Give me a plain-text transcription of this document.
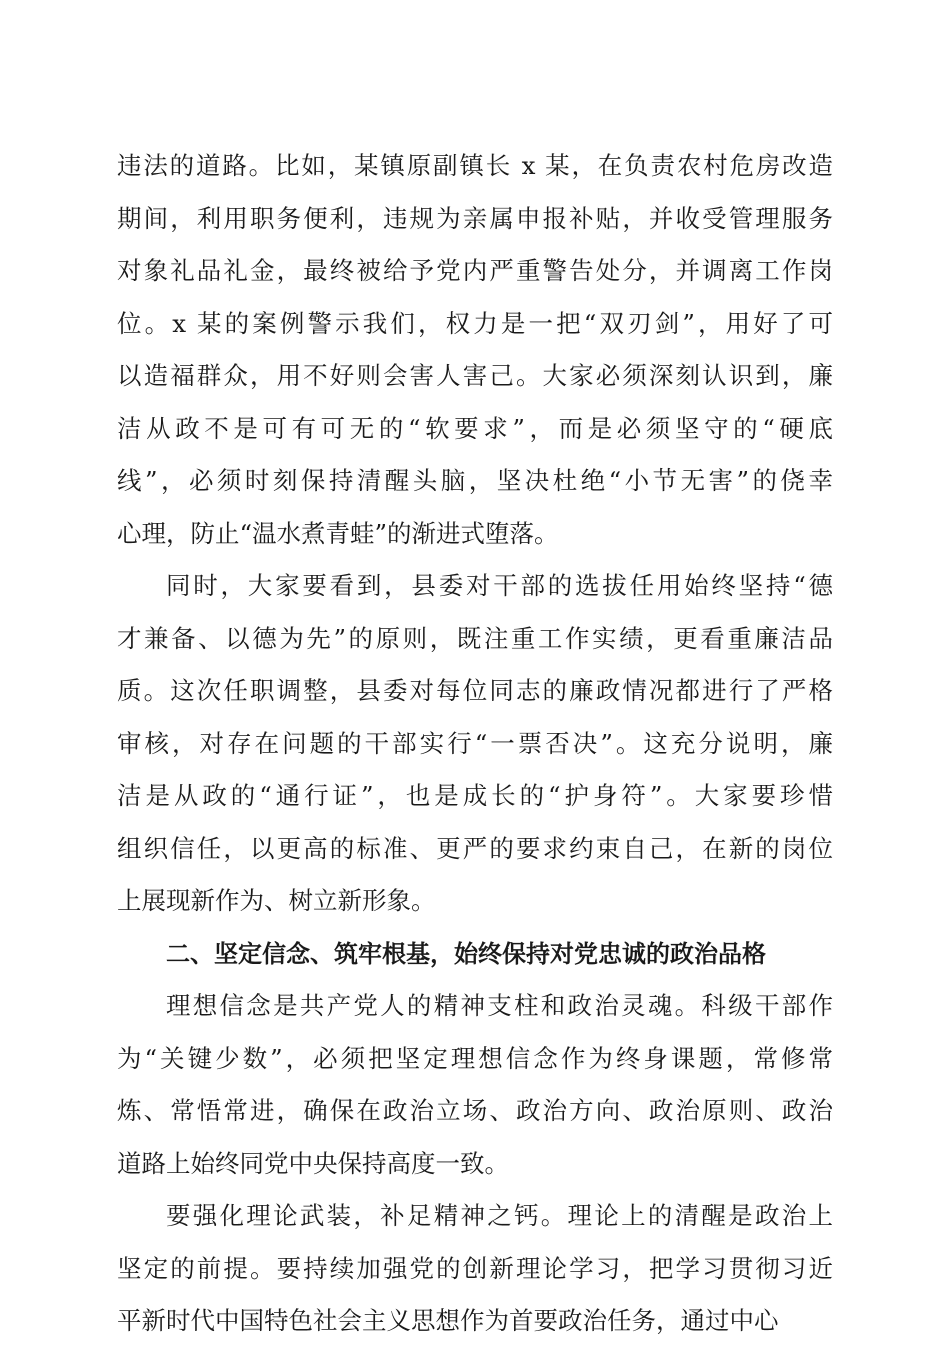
违法的道路。比如，某镇原副镇长 x 某，在负责农村危房改造
期间，利用职务便利，违规为亲属申报补贴，并收受管理服务
对象礼品礼金，最终被给予党内严重警告处分，并调离工作岗
位。x 某的案例警示我们，权力是一把“双刃剑”，用好了可
以造福群众，用不好则会害人害己。大家必须深刻认识到，廉
洁从政不是可有可无的“软要求”，而是必须坚守的“硬底
线”，必须时刻保持清醒头脑，坚决杜绝“小节无害”的侥幸
心理，防止“温水煮青蛙”的渐进式堕落。
同时，大家要看到，县委对干部的选拔任用始终坚持“德
才兼备、以德为先”的原则，既注重工作实绩，更看重廉洁品
质。这次任职调整，县委对每位同志的廉政情况都进行了严格
审核，对存在问题的干部实行“一票否决”。这充分说明，廉
洁是从政的“通行证”，也是成长的“护身符”。大家要珍惜
组织信任，以更高的标准、更严的要求约束自己，在新的岗位
上展现新作为、树立新形象。
二、坚定信念、筑牢根基，始终保持对党忠诚的政治品格
理想信念是共产党人的精神支柱和政治灵魂。科级干部作
为“关键少数”，必须把坚定理想信念作为终身课题，常修常
炼、常悟常进，确保在政治立场、政治方向、政治原则、政治
道路上始终同党中央保持高度一致。
要强化理论武装，补足精神之钙。理论上的清醒是政治上
坚定的前提。要持续加强党的创新理论学习，把学习贯彻习近
平新时代中国特色社会主义思想作为首要政治任务，通过中心
